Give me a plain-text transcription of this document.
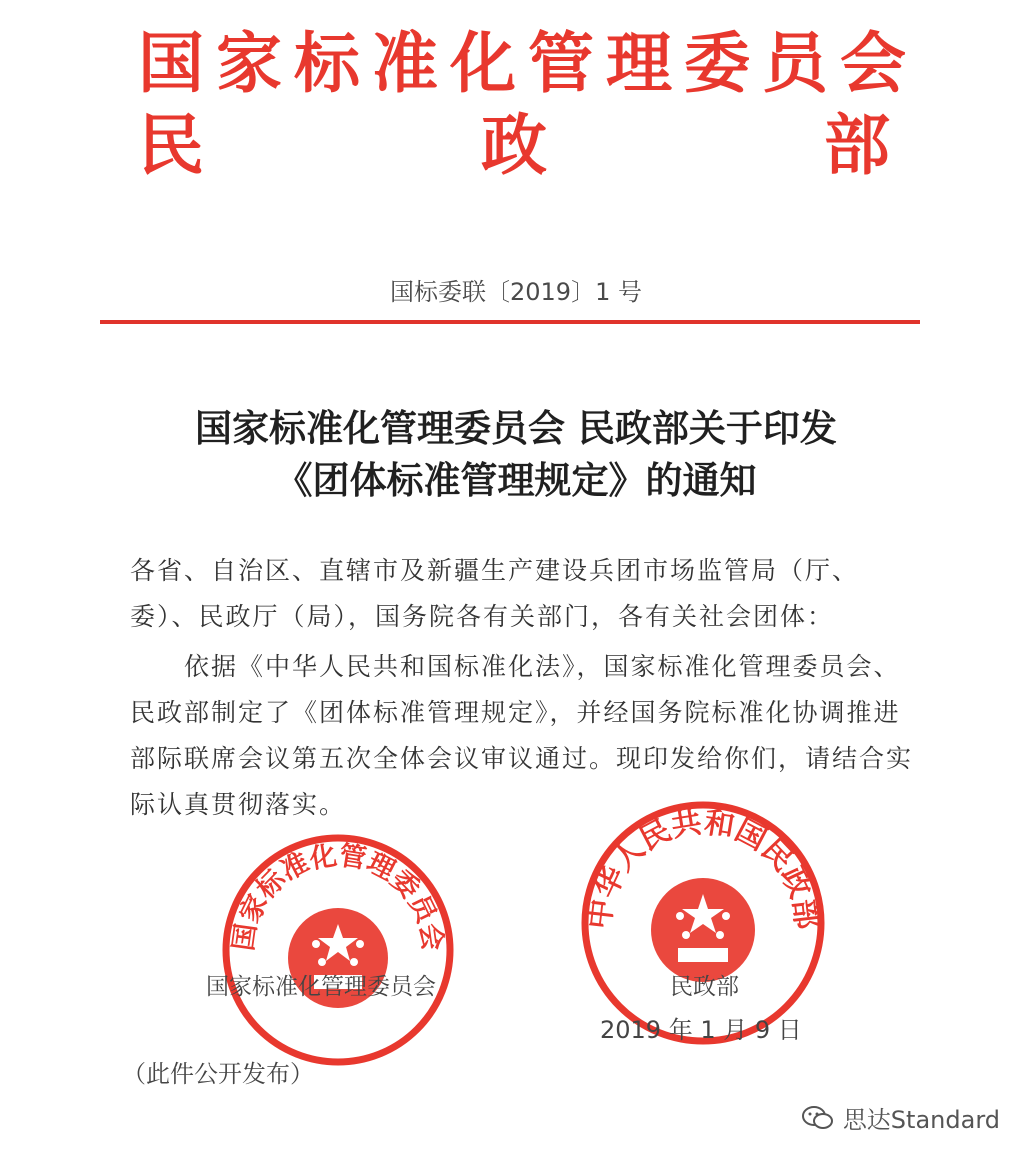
国家标准化管理委员会
民	政	部
国标委联〔2019〕1 号
国家标准化管理委员会 民政部关于印发
《团体标准管理规定》的通知
各省、自治区、直辖市及新疆生产建设兵团市场监管局（厅、委）、民政厅（局），国务院各有关部门，各有关社会团体：
依据《中华人民共和国标准化法》，国家标准化管理委员会、民政部制定了《团体标准管理规定》，并经国务院标准化协调推进部际联席会议第五次全体会议审议通过。现印发给你们，请结合实际认真贯彻落实。
国家标准化管理委员会
中华人民共和国民政部
国家标准化管理委员会	民政部
2019 年 1 月 9 日
（此件公开发布）
思达Standard
